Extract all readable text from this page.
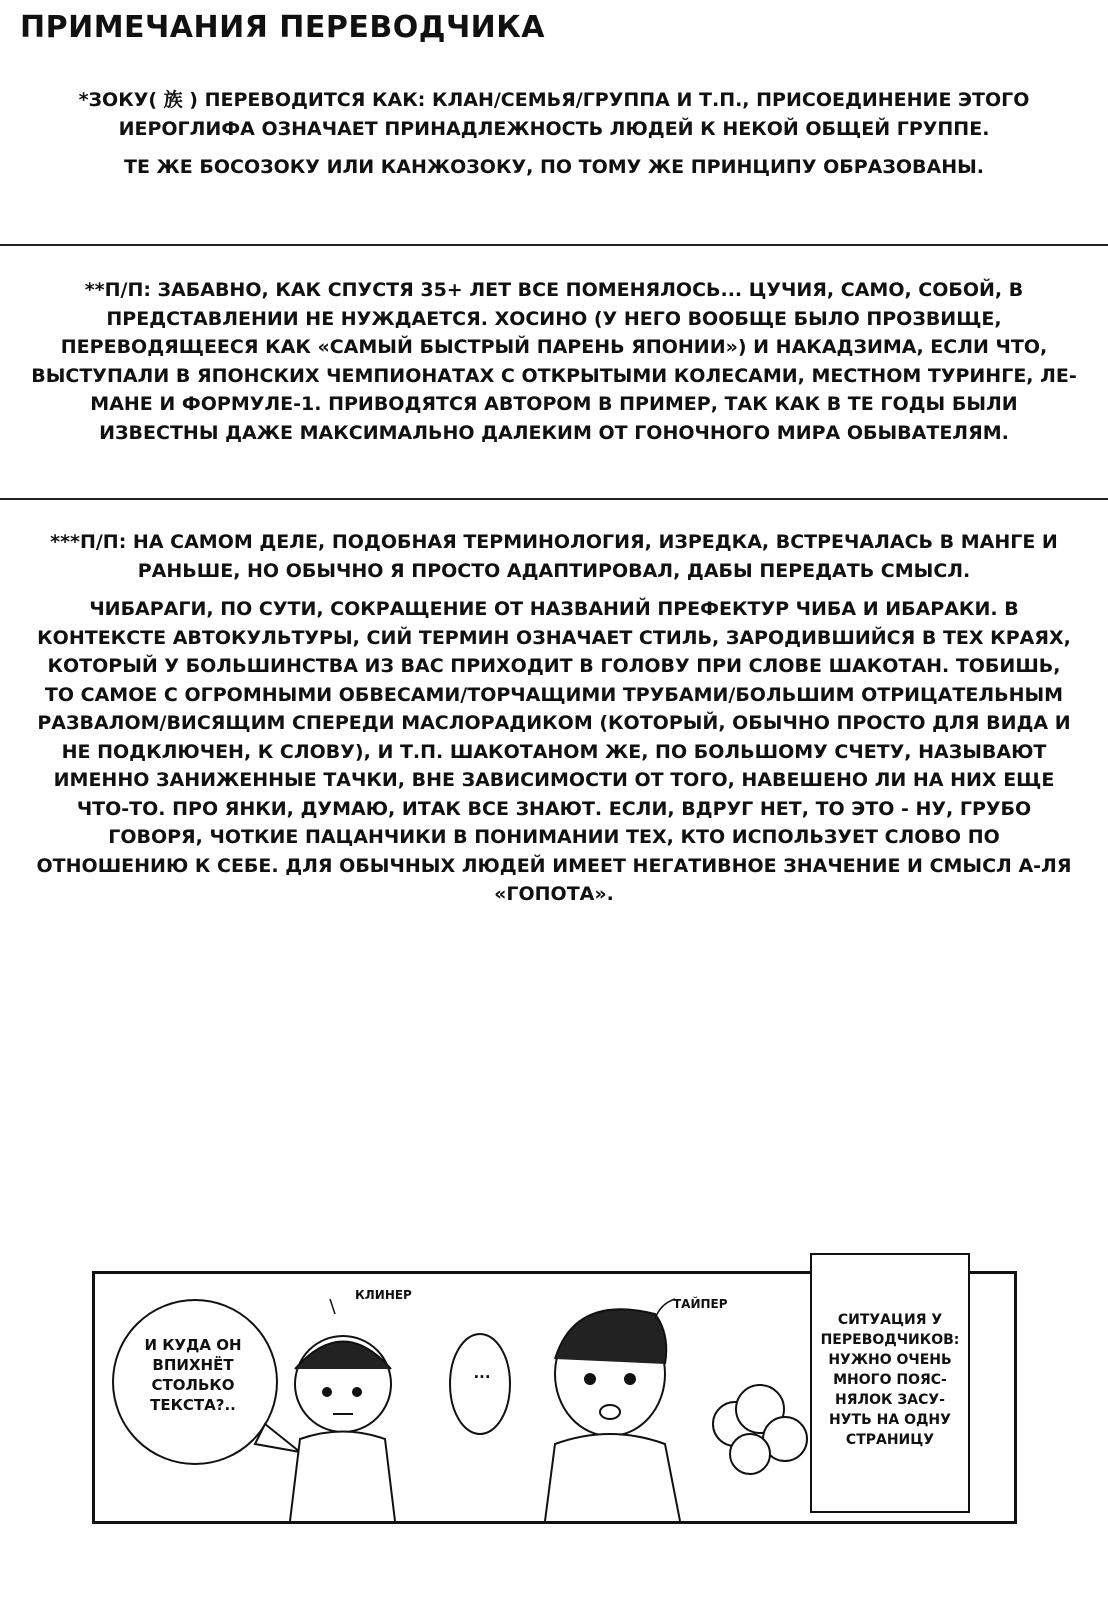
ПРИМЕЧАНИЯ ПЕРЕВОДЧИКА

*ЗОКУ( 族 ) ПЕРЕВОДИТСЯ КАК: КЛАН/СЕМЬЯ/ГРУППА И Т.П., ПРИСОЕДИНЕНИЕ ЭТОГО ИЕРОГЛИФА ОЗНАЧАЕТ ПРИНАДЛЕЖНОСТЬ ЛЮДЕЙ К НЕКОЙ ОБЩЕЙ ГРУППЕ.

ТЕ ЖЕ БОСОЗОКУ ИЛИ КАНЖОЗОКУ, ПО ТОМУ ЖЕ ПРИНЦИПУ ОБРАЗОВАНЫ.

**П/П: ЗАБАВНО, КАК СПУСТЯ 35+ ЛЕТ ВСЕ ПОМЕНЯЛОСЬ... ЦУЧИЯ, САМО, СОБОЙ, В ПРЕДСТАВЛЕНИИ НЕ НУЖДАЕТСЯ. ХОСИНО (У НЕГО ВООБЩЕ БЫЛО ПРОЗВИЩЕ, ПЕРЕВОДЯЩЕЕСЯ КАК «САМЫЙ БЫСТРЫЙ ПАРЕНЬ ЯПОНИИ») И НАКАДЗИМА, ЕСЛИ ЧТО, ВЫСТУПАЛИ В ЯПОНСКИХ ЧЕМПИОНАТАХ С ОТКРЫТЫМИ КОЛЕСАМИ, МЕСТНОМ ТУРИНГЕ, ЛЕ-МАНЕ И ФОРМУЛЕ-1. ПРИВОДЯТСЯ АВТОРОМ В ПРИМЕР, ТАК КАК В ТЕ ГОДЫ БЫЛИ ИЗВЕСТНЫ ДАЖЕ МАКСИМАЛЬНО ДАЛЕКИМ ОТ ГОНОЧНОГО МИРА ОБЫВАТЕЛЯМ.

***П/П: НА САМОМ ДЕЛЕ, ПОДОБНАЯ ТЕРМИНОЛОГИЯ, ИЗРЕДКА, ВСТРЕЧАЛАСЬ В МАНГЕ И РАНЬШЕ, НО ОБЫЧНО Я ПРОСТО АДАПТИРОВАЛ, ДАБЫ ПЕРЕДАТЬ СМЫСЛ.

ЧИБАРАГИ, ПО СУТИ, СОКРАЩЕНИЕ ОТ НАЗВАНИЙ ПРЕФЕКТУР ЧИБА И ИБАРАКИ. В КОНТЕКСТЕ АВТОКУЛЬТУРЫ, СИЙ ТЕРМИН ОЗНАЧАЕТ СТИЛЬ, ЗАРОДИВШИЙСЯ В ТЕХ КРАЯХ, КОТОРЫЙ У БОЛЬШИНСТВА ИЗ ВАС ПРИХОДИТ В ГОЛОВУ ПРИ СЛОВЕ ШАКОТАН. ТОБИШЬ, ТО САМОЕ С ОГРОМНЫМИ ОБВЕСАМИ/ТОРЧАЩИМИ ТРУБАМИ/БОЛЬШИМ ОТРИЦАТЕЛЬНЫМ РАЗВАЛОМ/ВИСЯЩИМ СПЕРЕДИ МАСЛОРАДИКОМ (КОТОРЫЙ, ОБЫЧНО ПРОСТО ДЛЯ ВИДА И НЕ ПОДКЛЮЧЕН, К СЛОВУ), И Т.П. ШАКОТАНОМ ЖЕ, ПО БОЛЬШОМУ СЧЕТУ, НАЗЫВАЮТ ИМЕННО ЗАНИЖЕННЫЕ ТАЧКИ, ВНЕ ЗАВИСИМОСТИ ОТ ТОГО, НАВЕШЕНО ЛИ НА НИХ ЕЩЕ ЧТО-ТО. ПРО ЯНКИ, ДУМАЮ, ИТАК ВСЕ ЗНАЮТ. ЕСЛИ, ВДРУГ НЕТ, ТО ЭТО - НУ, ГРУБО ГОВОРЯ, ЧОТКИЕ ПАЦАНЧИКИ В ПОНИМАНИИ ТЕХ, КТО ИСПОЛЬЗУЕТ СЛОВО ПО ОТНОШЕНИЮ К СЕБЕ. ДЛЯ ОБЫЧНЫХ ЛЮДЕЙ ИМЕЕТ НЕГАТИВНОЕ ЗНАЧЕНИЕ И СМЫСЛ А-ЛЯ «ГОПОТА».

И КУДА ОН ВПИХНЁТ СТОЛЬКО ТЕКСТА?..
...
КЛИНЕР
ТАЙПЕР
СИТУАЦИЯ У ПЕРЕВОДЧИКОВ: НУЖНО ОЧЕНЬ МНОГО ПОЯС-НЯЛОК ЗАСУ-НУТЬ НА ОДНУ СТРАНИЦУ
